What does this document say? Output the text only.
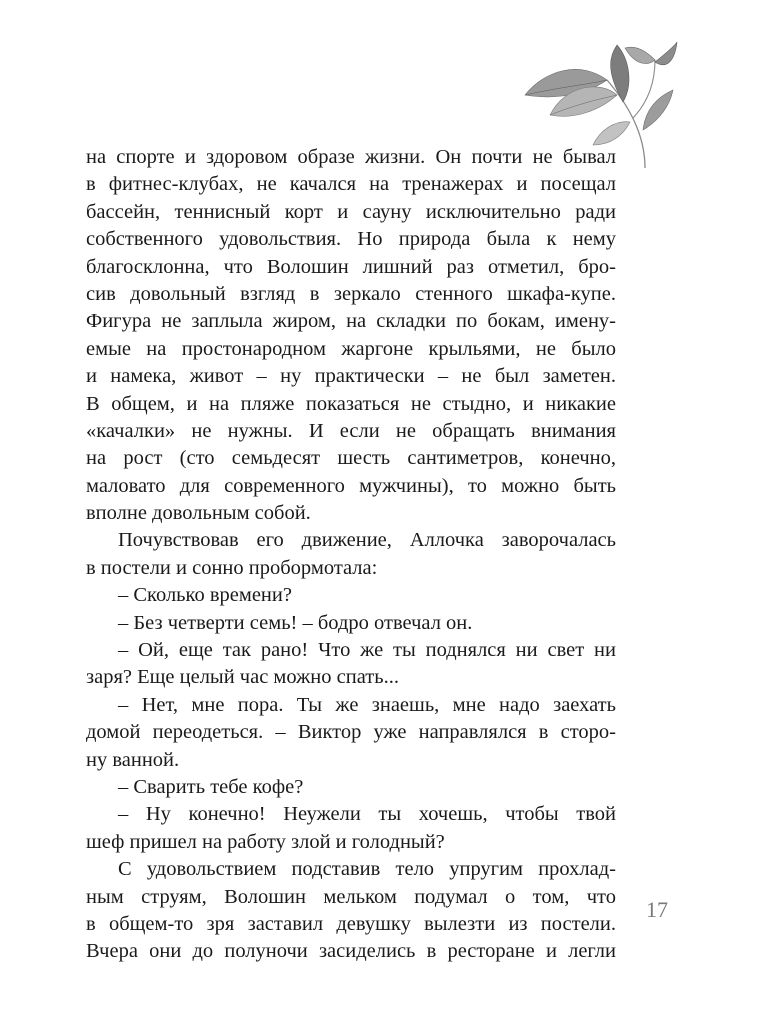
на спорте и здоровом образе жизни. Он почти не бывал
в фитнес-клубах, не качался на тренажерах и посещал
бассейн, теннисный корт и сауну исключительно ради
собственного удовольствия. Но природа была к нему
благосклонна, что Волошин лишний раз отметил, бро-
сив довольный взгляд в зеркало стенного шкафа-купе.
Фигура не заплыла жиром, на складки по бокам, имену-
емые на простонародном жаргоне крыльями, не было
и намека, живот – ну практически – не был заметен.
В общем, и на пляже показаться не стыдно, и никакие
«качалки» не нужны. И если не обращать внимания
на рост (сто семьдесят шесть сантиметров, конечно,
маловато для современного мужчины), то можно быть
вполне довольным собой.
Почувствовав его движение, Аллочка заворочалась
в постели и сонно пробормотала:
– Сколько времени?
– Без четверти семь! – бодро отвечал он.
– Ой, еще так рано! Что же ты поднялся ни свет ни
заря? Еще целый час можно спать...
– Нет, мне пора. Ты же знаешь, мне надо заехать
домой переодеться. – Виктор уже направлялся в сторо-
ну ванной.
– Сварить тебе кофе?
– Ну конечно! Неужели ты хочешь, чтобы твой
шеф пришел на работу злой и голодный?
С удовольствием подставив тело упругим прохлад-
ным струям, Волошин мельком подумал о том, что
в общем-то зря заставил девушку вылезти из постели.
Вчера они до полуночи засиделись в ресторане и легли
17
